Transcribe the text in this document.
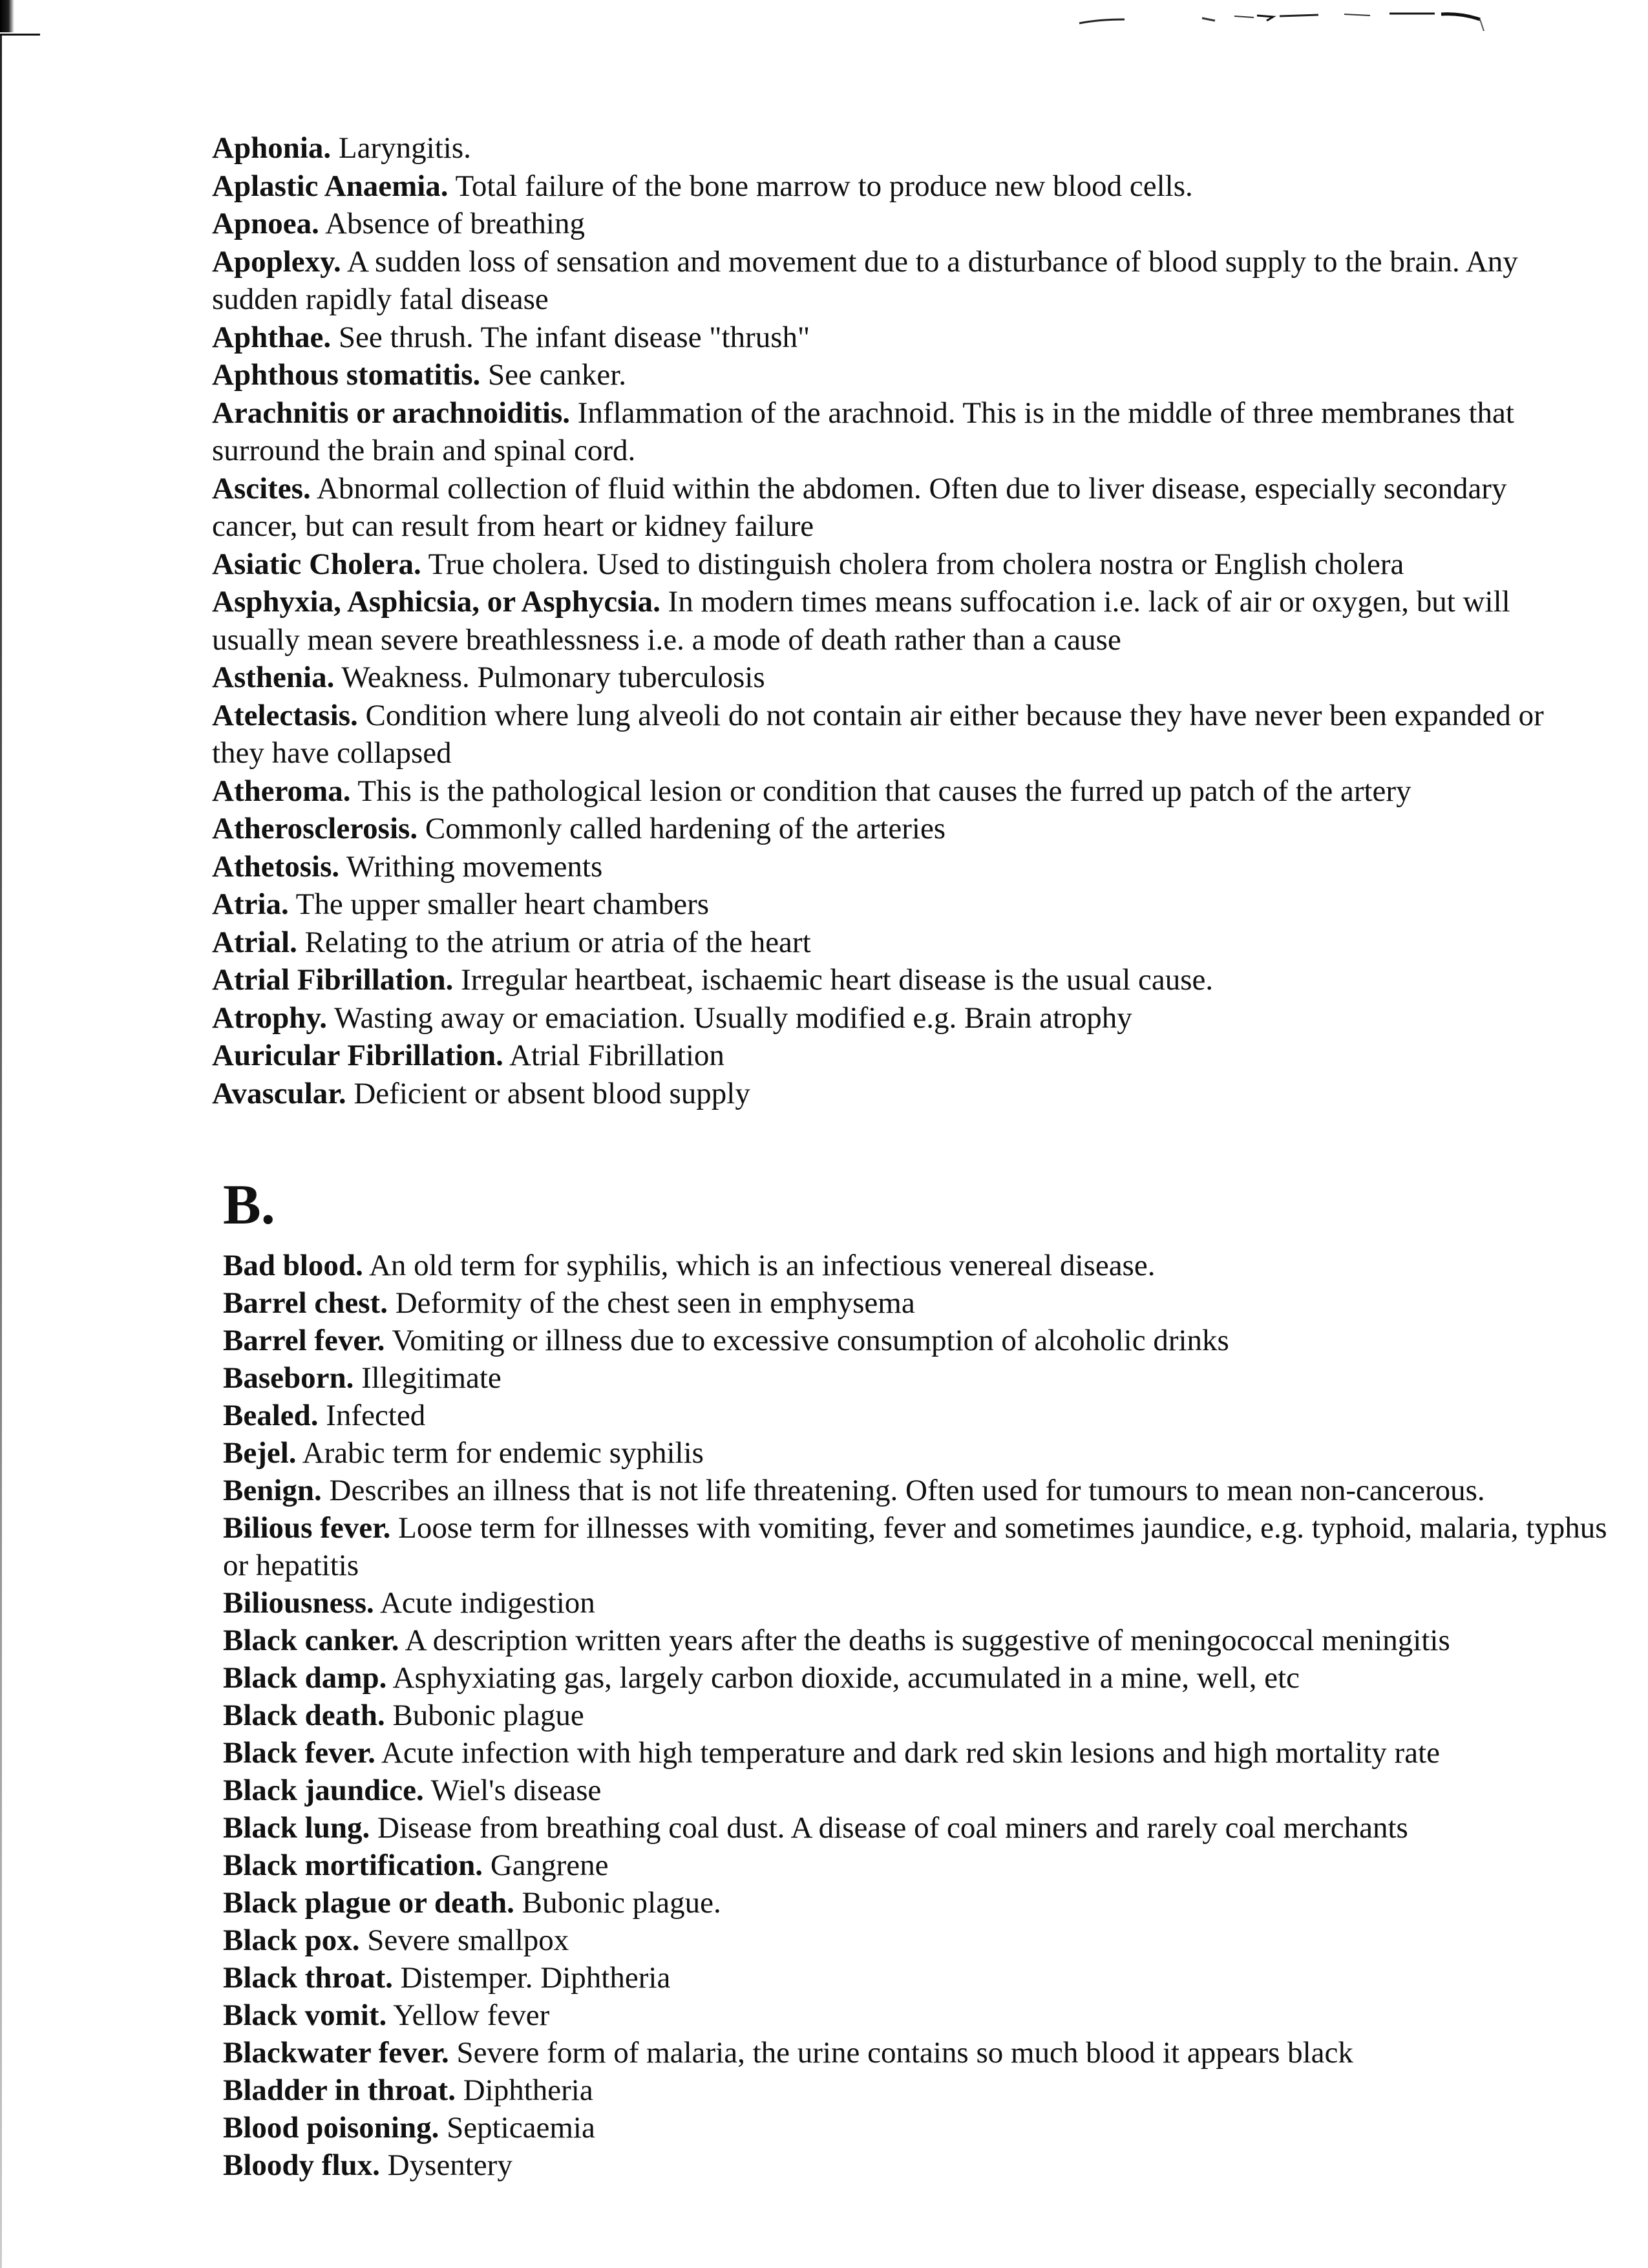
Aphonia. Laryngitis.

Aplastic Anaemia. Total failure of the bone marrow to produce new blood cells.

Apnoea. Absence of breathing

Apoplexy. A sudden loss of sensation and movement due to a disturbance of blood supply to the brain. Any sudden rapidly fatal disease

Aphthae. See thrush. The infant disease "thrush"

Aphthous stomatitis. See canker.

Arachnitis or arachnoiditis. Inflammation of the arachnoid. This is in the middle of three membranes that surround the brain and spinal cord.

Ascites. Abnormal collection of fluid within the abdomen. Often due to liver disease, especially secondary cancer, but can result from heart or kidney failure

Asiatic Cholera. True cholera. Used to distinguish cholera from cholera nostra or English cholera

Asphyxia, Asphicsia, or Asphycsia. In modern times means suffocation i.e. lack of air or oxygen, but will usually mean severe breathlessness i.e. a mode of death rather than a cause

Asthenia. Weakness. Pulmonary tuberculosis

Atelectasis. Condition where lung alveoli do not contain air either because they have never been expanded or they have collapsed

Atheroma. This is the pathological lesion or condition that causes the furred up patch of the artery

Atherosclerosis. Commonly called hardening of the arteries

Athetosis. Writhing movements

Atria. The upper smaller heart chambers

Atrial. Relating to the atrium or atria of the heart

Atrial Fibrillation. Irregular heartbeat, ischaemic heart disease is the usual cause.

Atrophy. Wasting away or emaciation. Usually modified e.g. Brain atrophy

Auricular Fibrillation. Atrial Fibrillation

Avascular. Deficient or absent blood supply

B.

Bad blood. An old term for syphilis, which is an infectious venereal disease.

Barrel chest. Deformity of the chest seen in emphysema

Barrel fever. Vomiting or illness due to excessive consumption of alcoholic drinks

Baseborn. Illegitimate

Bealed. Infected

Bejel. Arabic term for endemic syphilis

Benign. Describes an illness that is not life threatening. Often used for tumours to mean non-cancerous.

Bilious fever. Loose term for illnesses with vomiting, fever and sometimes jaundice, e.g. typhoid, malaria, typhus or hepatitis

Biliousness. Acute indigestion

Black canker. A description written years after the deaths is suggestive of meningococcal meningitis

Black damp. Asphyxiating gas, largely carbon dioxide, accumulated in a mine, well, etc

Black death. Bubonic plague

Black fever. Acute infection with high temperature and dark red skin lesions and high mortality rate

Black jaundice. Wiel's disease

Black lung. Disease from breathing coal dust. A disease of coal miners and rarely coal merchants

Black mortification. Gangrene

Black plague or death. Bubonic plague.

Black pox. Severe smallpox

Black throat. Distemper. Diphtheria

Black vomit. Yellow fever

Blackwater fever. Severe form of malaria, the urine contains so much blood it appears black

Bladder in throat. Diphtheria

Blood poisoning. Septicaemia

Bloody flux. Dysentery
